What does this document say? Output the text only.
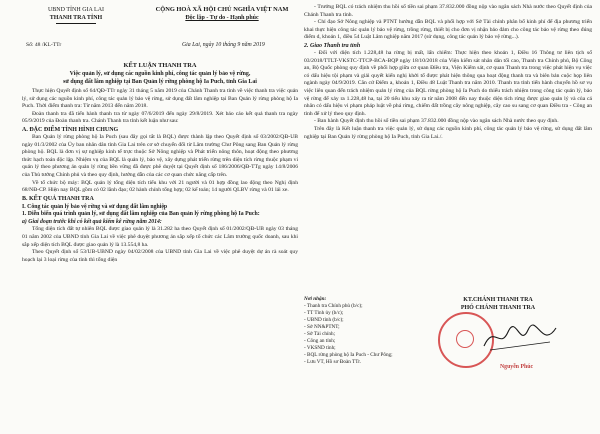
UBND TỈNH GIA LAI
THANH TRA TỈNH
Số: 48 /KL-TTr
CỘNG HOÀ XÃ HỘI CHỦ NGHĨA VIỆT NAM
Độc lập - Tự do - Hạnh phúc
Gia Lai, ngày 10 tháng 9 năm 2019
KẾT LUẬN THANH TRA
Việc quản lý, sử dụng các nguồn kinh phí, công tác quản lý bảo vệ rừng,
sử dụng đất lâm nghiệp tại Ban Quản lý rừng phòng hộ Ia Puch, tỉnh Gia Lai

Thực hiện Quyết định số 64/QĐ-TTr ngày 31 tháng 5 năm 2019 của Chánh Thanh tra tỉnh về việc thanh tra việc quản lý, sử dụng các nguồn kinh phí, công tác quản lý bảo vệ rừng, sử dụng đất lâm nghiệp tại Ban Quản lý rừng phòng hộ Ia Puch. Thời điểm thanh tra: Từ năm 2013 đến năm 2018.

Đoàn thanh tra đã tiến hành thanh tra từ ngày 07/6/2019 đến ngày 29/8/2019. Xét báo cáo kết quả thanh tra ngày 05/9/2019 của Đoàn thanh tra. Chánh Thanh tra tỉnh kết luận như sau:

A. ĐẶC ĐIỂM TÌNH HÌNH CHUNG

Ban Quản lý rừng phòng hộ Ia Puch (sau đây gọi tắt là BQL) được thành lập theo Quyết định số 03/2002/QĐ-UB ngày 01/3/2002 của Ủy ban nhân dân tỉnh Gia Lai trên cơ sở chuyển đổi từ Lâm trường Chư Pông sang Ban Quản lý rừng phòng hộ. BQL là đơn vị sự nghiệp kinh tế trực thuộc Sở Nông nghiệp và Phát triển nông thôn, hoạt động theo phương thức hạch toán độc lập. Nhiệm vụ của BQL là quản lý, bảo vệ, xây dựng phát triển rừng trên diện tích rừng thuộc phạm vi quản lý theo phương án quản lý rừng bền vững đã được phê duyệt tại Quyết định số 186/2006/QĐ-TTg ngày 14/8/2006 của Thủ tướng Chính phủ và theo quy định, hướng dẫn của các cơ quan chức năng cấp trên.

Về tổ chức bộ máy: BQL quản lý tổng diện tích tiểu khu với 21 người và 01 hợp đồng lao động theo Nghị định 68/NĐ-CP. Hiện nay BQL gồm có 02 lãnh đạo; 02 hành chính tổng hợp; 02 kế toán; 14 người QLBV rừng và 01 lái xe.

B. KẾT QUẢ THANH TRA
I. Công tác quản lý bảo vệ rừng và sử dụng đất lâm nghiệp
1. Diễn biến quá trình quản lý, sử dụng đất lâm nghiệp của Ban quản lý rừng phòng hộ Ia Puch:
a) Giai đoạn trước khi có kết quả kiểm kê rừng năm 2014:

Tổng diện tích đất tự nhiên BQL được giao quản lý là 31.282 ha theo Quyết định số 01/2002/QĐ-UB ngày 03 tháng 01 năm 2002 của UBND tỉnh Gia Lai về việc phê duyệt phương án sắp xếp tổ chức các Lâm trường quốc doanh, sau khi sắp xếp diện tích BQL được giao quản lý là 13.554,8 ha.

Theo Quyết định số 53/UB-UBND ngày 04/02/2008 của UBND tỉnh Gia Lai về việc phê duyệt dự án rà soát quy hoạch lại 3 loại rừng của tỉnh thì tổng diện

- Trưởng BQL có trách nhiệm thu hồi số tiền sai phạm 37.832.000 đồng nộp vào ngân sách Nhà nước theo Quyết định của Chánh Thanh tra tỉnh.

- Chỉ đạo Sở Nông nghiệp và PTNT hướng dẫn BQL và phối hợp với Sở Tài chính phân bổ kinh phí để địa phương triển khai thực hiện công tác quản lý bảo vệ rừng, trồng rừng, thiết bị cho đơn vị nhận bảo đảm cho công tác bảo vệ rừng theo đúng điểm d, khoản 1, điều 54 Luật Lâm nghiệp năm 2017 (sử dụng, công tác quản lý bảo vệ rừng...).

2. Giao Thanh tra tỉnh

- Đối với diện tích 1.228,48 ha rừng bị mất, lấn chiếm: Thực hiện theo khoản 1, Điều 16 Thông tư liên tịch số 03/2018/TTLT-VKSTC-TTCP-BCA-BQP ngày 18/10/2018 của Viện kiểm sát nhân dân tối cao, Thanh tra Chính phủ, Bộ Công an, Bộ Quốc phòng quy định về phối hợp giữa cơ quan Điều tra, Viện Kiểm sát, cơ quan Thanh tra trong việc phát hiện vụ việc có dấu hiệu tội phạm và giải quyết kiến nghị khởi tố được phát hiện thông qua hoạt động thanh tra và biên bản cuộc họp liên ngành ngày 04/9/2019. Căn cứ Điểm a, khoản 1, Điều 48 Luật Thanh tra năm 2010. Thanh tra tỉnh tiến hành chuyển hồ sơ vụ việc liên quan đến trách nhiệm quản lý rừng của BQL rừng phòng hộ Ia Puch do thiếu trách nhiệm trong công tác quản lý, bảo vệ rừng để xảy ra 1.228,48 ha, tại 20 tiểu khu xảy ra từ năm 2008 đến nay thuộc diện tích rừng được giao quản lý và của cá nhân có dấu hiệu vi phạm pháp luật về phá rừng, chiếm đất trồng cây nông nghiệp, cây cao su sang cơ quan Điều tra - Công an tỉnh để xử lý theo quy định.

- Ban hành Quyết định thu hồi số tiền sai phạm 37.832.000 đồng nộp vào ngân sách Nhà nước theo quy định.

Trên đây là Kết luận thanh tra việc quản lý, sử dụng các nguồn kinh phí, công tác quản lý bảo vệ rừng, sử dụng đất lâm nghiệp tại Ban Quản lý rừng phòng hộ Ia Puch, tỉnh Gia Lai./.

Nơi nhận:
- Thanh tra Chính phủ (b/c);
- TT Tỉnh ủy (b/c);
- UBND tỉnh (b/c);
- Sở NN&PTNT;
- Sở Tài chính;
- Công an tỉnh;
- VKSND tỉnh;
- BQL rừng phòng hộ Ia Puch - Chư Pông;
- Lưu VT, Hồ sơ Đoàn TTr.
KT.CHÁNH THANH TRA
PHÓ CHÁNH THANH TRA
Nguyễn Phúc
